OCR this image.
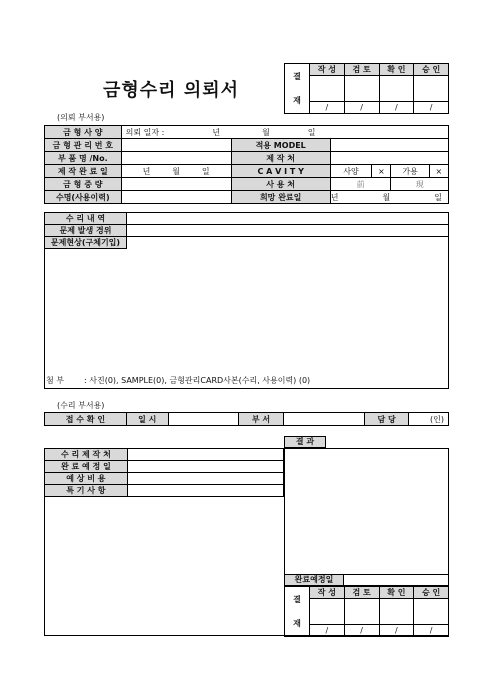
금형수리 의뢰서
결
재	작 성	검 토	확 인	승 인

	/	/	/	/
(의뢰 부서용)
금 형 사 양	의뢰 일자 : 년 월 일					

금 형 관 리 번 호		적용 MODEL				

부 품 명 /No.		제 작 처				

제 작 완 료 일	년 월 일	C A V I T Y	사양	×	가용	×

금 형 중 량		사 용 처	前		現	

수명(사용이력)		희망 완료일	년 월 일			
수 리 내 역
문제 발생 경위
문제현상(구체기입)
첨 부	: 사진(0), SAMPLE(0), 금형관리CARD사본(수리, 사용이력) (0)
(수리 부서용)
접 수 확 인	일 시		부 서		담 당	(인)
결 과
수 리 제 작 처	

완 료 예 정 일	

예 상 비 용	

특 기 사 항	

완료예정일
결
재	작 성	검 토	확 인	승 인

	/	/	/	/
